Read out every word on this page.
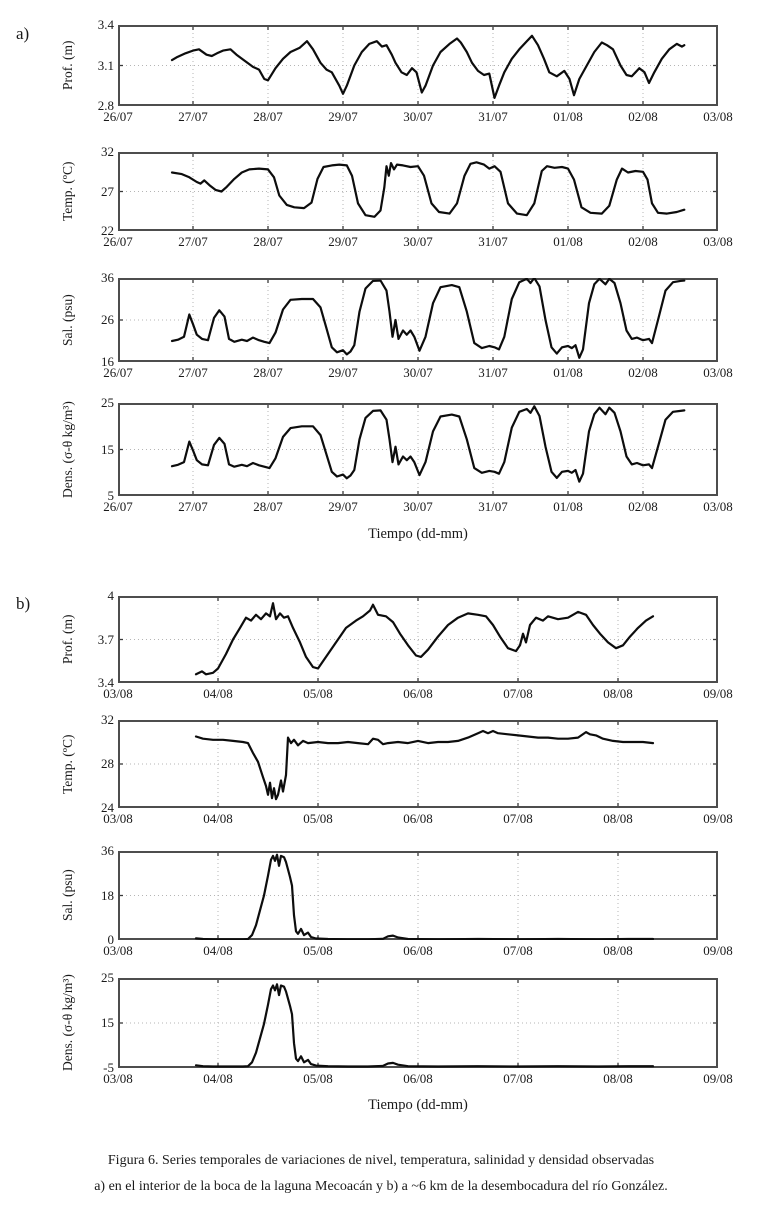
a)
b)
Tiempo (dd-mm)
Tiempo (dd-mm)
Figura 6. Series temporales de variaciones de nivel, temperatura, salinidad y densidad observadas
a) en el interior de la boca de la laguna Mecoacán y b) a ~6 km de la desembocadura del río González.
Prof. (m)
3.4
3.1
2.8
26/07	27/07	28/07	29/07	30/07	31/07	01/08	02/08	03/08
Temp. (ºC)
32
27
22
26/07	27/07	28/07	29/07	30/07	31/07	01/08	02/08	03/08
Sal. (psu)
36
26
16
26/07	27/07	28/07	29/07	30/07	31/07	01/08	02/08	03/08
Dens. (σ-θ kg/m³)	25
15
5
26/07	27/07	28/07	29/07	30/07	31/07	01/08	02/08	03/08
Prof. (m)
4
3.7
3.4
03/08	04/08	05/08	06/08	07/08	08/08	09/08
Temp. (ºC)
32
28
24
03/08	04/08	05/08	06/08	07/08	08/08	09/08
Sal. (psu)
36
18
0
03/08	04/08	05/08	06/08	07/08	08/08	09/08
Dens. (σ-θ kg/m³)	25
15
-5
03/08	04/08	05/08	06/08	07/08	08/08	09/08
